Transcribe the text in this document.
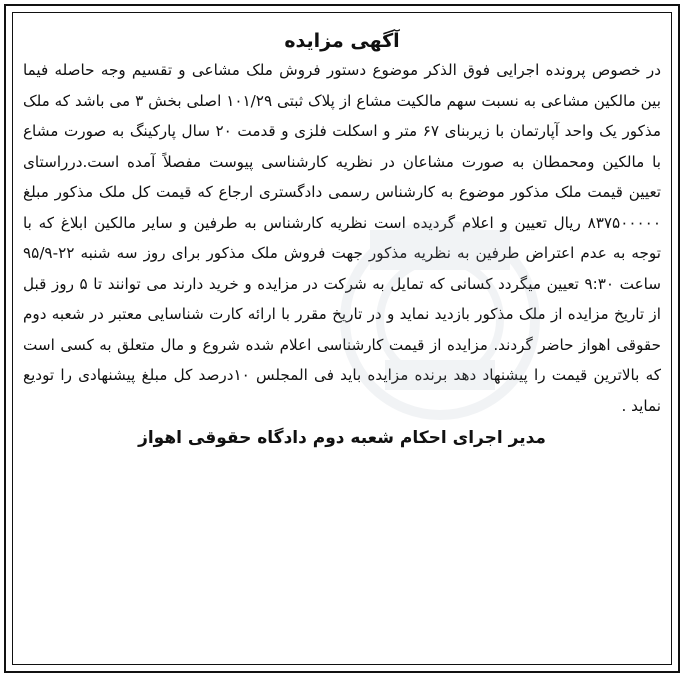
آگهی مزایده

در خصوص پرونده اجرایی فوق الذکر موضوع دستور فروش ملک مشاعی و تقسیم وجه حاصله فیما بین مالکین مشاعی به نسبت سهم مالکیت مشاع از پلاک ثبتی ۱۰۱/۲۹ اصلی بخش ۳ می باشد که ملک مذکور یک واحد آپارتمان با زیربنای ۶۷ متر و اسکلت فلزی و قدمت ۲۰ سال پارکینگ به صورت مشاع با مالکین ومحمطان به صورت مشاعان در نظریه کارشناسی پیوست مفصلاً آمده است.درراستای تعیین قیمت ملک مذکور موضوع به کارشناس رسمی دادگستری ارجاع که قیمت کل ملک مذکور مبلغ ۸۳۷۵۰۰۰۰۰ ریال تعیین و اعلام گردیده است نظریه کارشناس به طرفین و سایر مالکین ابلاغ که با توجه به عدم اعتراض طرفین به نظریه مذکور جهت فروش ملک مذکور برای روز سه شنبه ۲۲-۹۵/۹ ساعت ۹:۳۰ تعیین میگردد کسانی که تمایل به شرکت در مزایده و خرید دارند می توانند تا ۵ روز قبل از تاریخ مزایده از ملک مذکور بازدید نماید و در تاریخ مقرر با ارائه کارت شناسایی معتبر در شعبه دوم حقوقی اهواز حاضر گردند. مزایده از قیمت کارشناسی اعلام شده شروع و مال متعلق به کسی است که بالاترین قیمت را پیشنهاد دهد برنده مزایده باید فی المجلس ۱۰درصد کل مبلغ پیشنهادی را تودیع نماید .

مدیر اجرای احکام شعبه دوم دادگاه حقوقی اهواز
